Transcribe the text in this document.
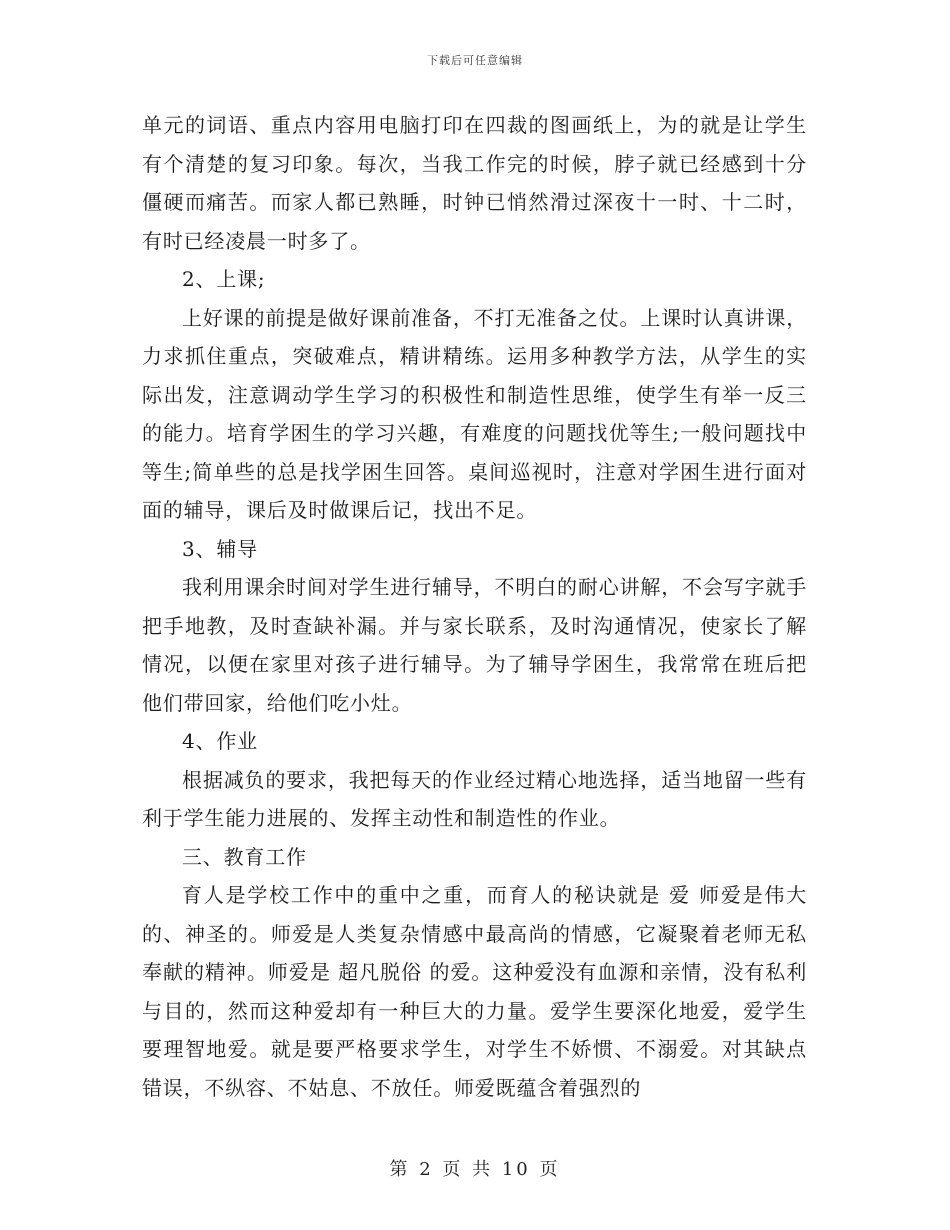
下载后可任意编辑

单元的词语、重点内容用电脑打印在四裁的图画纸上，为的就是让学生有个清楚的复习印象。每次，当我工作完的时候，脖子就已经感到十分僵硬而痛苦。而家人都已熟睡，时钟已悄然滑过深夜十一时、十二时，有时已经凌晨一时多了。

2、上课;

上好课的前提是做好课前准备，不打无准备之仗。上课时认真讲课，力求抓住重点，突破难点，精讲精练。运用多种教学方法，从学生的实际出发，注意调动学生学习的积极性和制造性思维，使学生有举一反三的能力。培育学困生的学习兴趣，有难度的问题找优等生;一般问题找中等生;简单些的总是找学困生回答。桌间巡视时，注意对学困生进行面对面的辅导，课后及时做课后记，找出不足。

3、辅导

我利用课余时间对学生进行辅导，不明白的耐心讲解，不会写字就手把手地教，及时查缺补漏。并与家长联系，及时沟通情况，使家长了解情况，以便在家里对孩子进行辅导。为了辅导学困生，我常常在班后把他们带回家，给他们吃小灶。

4、作业

根据减负的要求，我把每天的作业经过精心地选择，适当地留一些有利于学生能力进展的、发挥主动性和制造性的作业。

三、教育工作

育人是学校工作中的重中之重，而育人的秘诀就是 爱 师爱是伟大的、神圣的。师爱是人类复杂情感中最高尚的情感，它凝聚着老师无私奉献的精神。师爱是 超凡脱俗 的爱。这种爱没有血源和亲情，没有私利与目的，然而这种爱却有一种巨大的力量。爱学生要深化地爱，爱学生要理智地爱。就是要严格要求学生，对学生不娇惯、不溺爱。对其缺点错误，不纵容、不姑息、不放任。师爱既蕴含着强烈的

第 2 页 共 10 页
